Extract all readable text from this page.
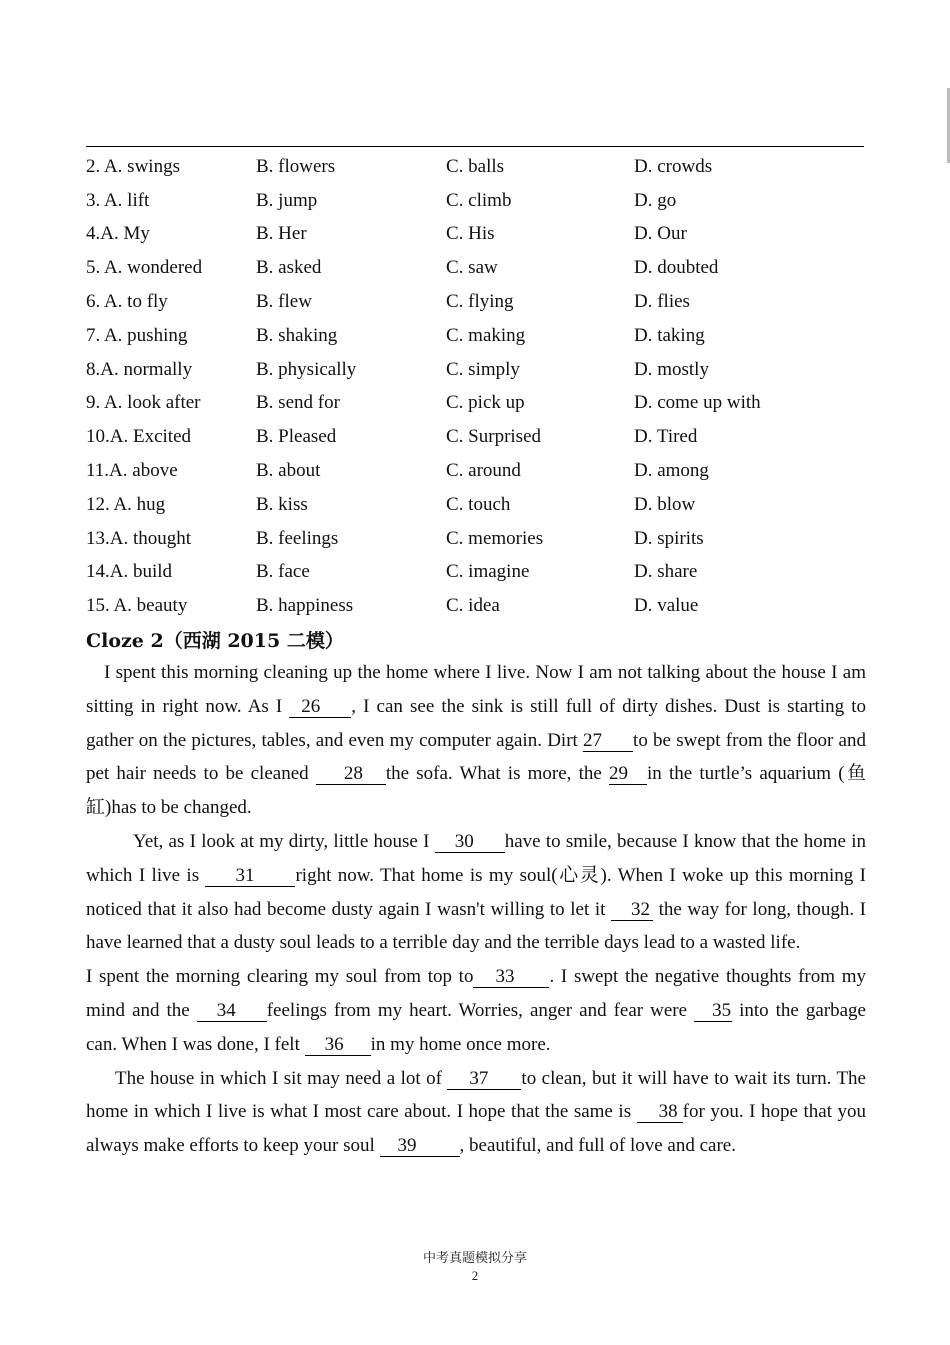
2. A. swings	B. flowers	C. balls	D. crowds
3. A. lift	B. jump	C. climb	D. go
4.A. My	B. Her	C. His	D. Our
5. A. wondered	B. asked	C. saw	D. doubted
6. A. to fly	B. flew	C. flying	D. flies
7. A. pushing	B. shaking	C. making	D. taking
8.A. normally	B. physically	C. simply	D. mostly
9. A. look after	B. send for	C. pick up	D. come up with
10.A. Excited	B. Pleased	C. Surprised	D. Tired
11.A. above	B. about	C. around	D. among
12. A. hug	B. kiss	C. touch	D. blow
13.A. thought	B. feelings	C. memories	D. spirits
14.A. build	B. face	C. imagine	D. share
15. A. beauty	B. happiness	C. idea	D. value
Cloze 2（西湖 2015 二模）

I spent this morning cleaning up the home where I live. Now I am not talking about the house I am sitting in right now. As I 26 , I can see the sink is still full of dirty dishes. Dust is starting to gather on the pictures, tables, and even my computer again. Dirt 27 to be swept from the floor and pet hair needs to be cleaned 28 the sofa. What is more, the 29 in the turtle’s aquarium (鱼缸)has to be changed.

Yet, as I look at my dirty, little house I 30 have to smile, because I know that the home in which I live is 31 right now. That home is my soul(心灵). When I woke up this morning I noticed that it also had become dusty again I wasn't willing to let it 32 the way for long, though. I have learned that a dusty soul leads to a terrible day and the terrible days lead to a wasted life.

I spent the morning clearing my soul from top to 33 . I swept the negative thoughts from my mind and the 34 feelings from my heart. Worries, anger and fear were 35 into the garbage can. When I was done, I felt 36 in my home once more.

The house in which I sit may need a lot of 37 to clean, but it will have to wait its turn. The home in which I live is what I most care about. I hope that the same is 38 for you. I hope that you always make efforts to keep your soul 39 , beautiful, and full of love and care.

中考真题模拟分享
2
